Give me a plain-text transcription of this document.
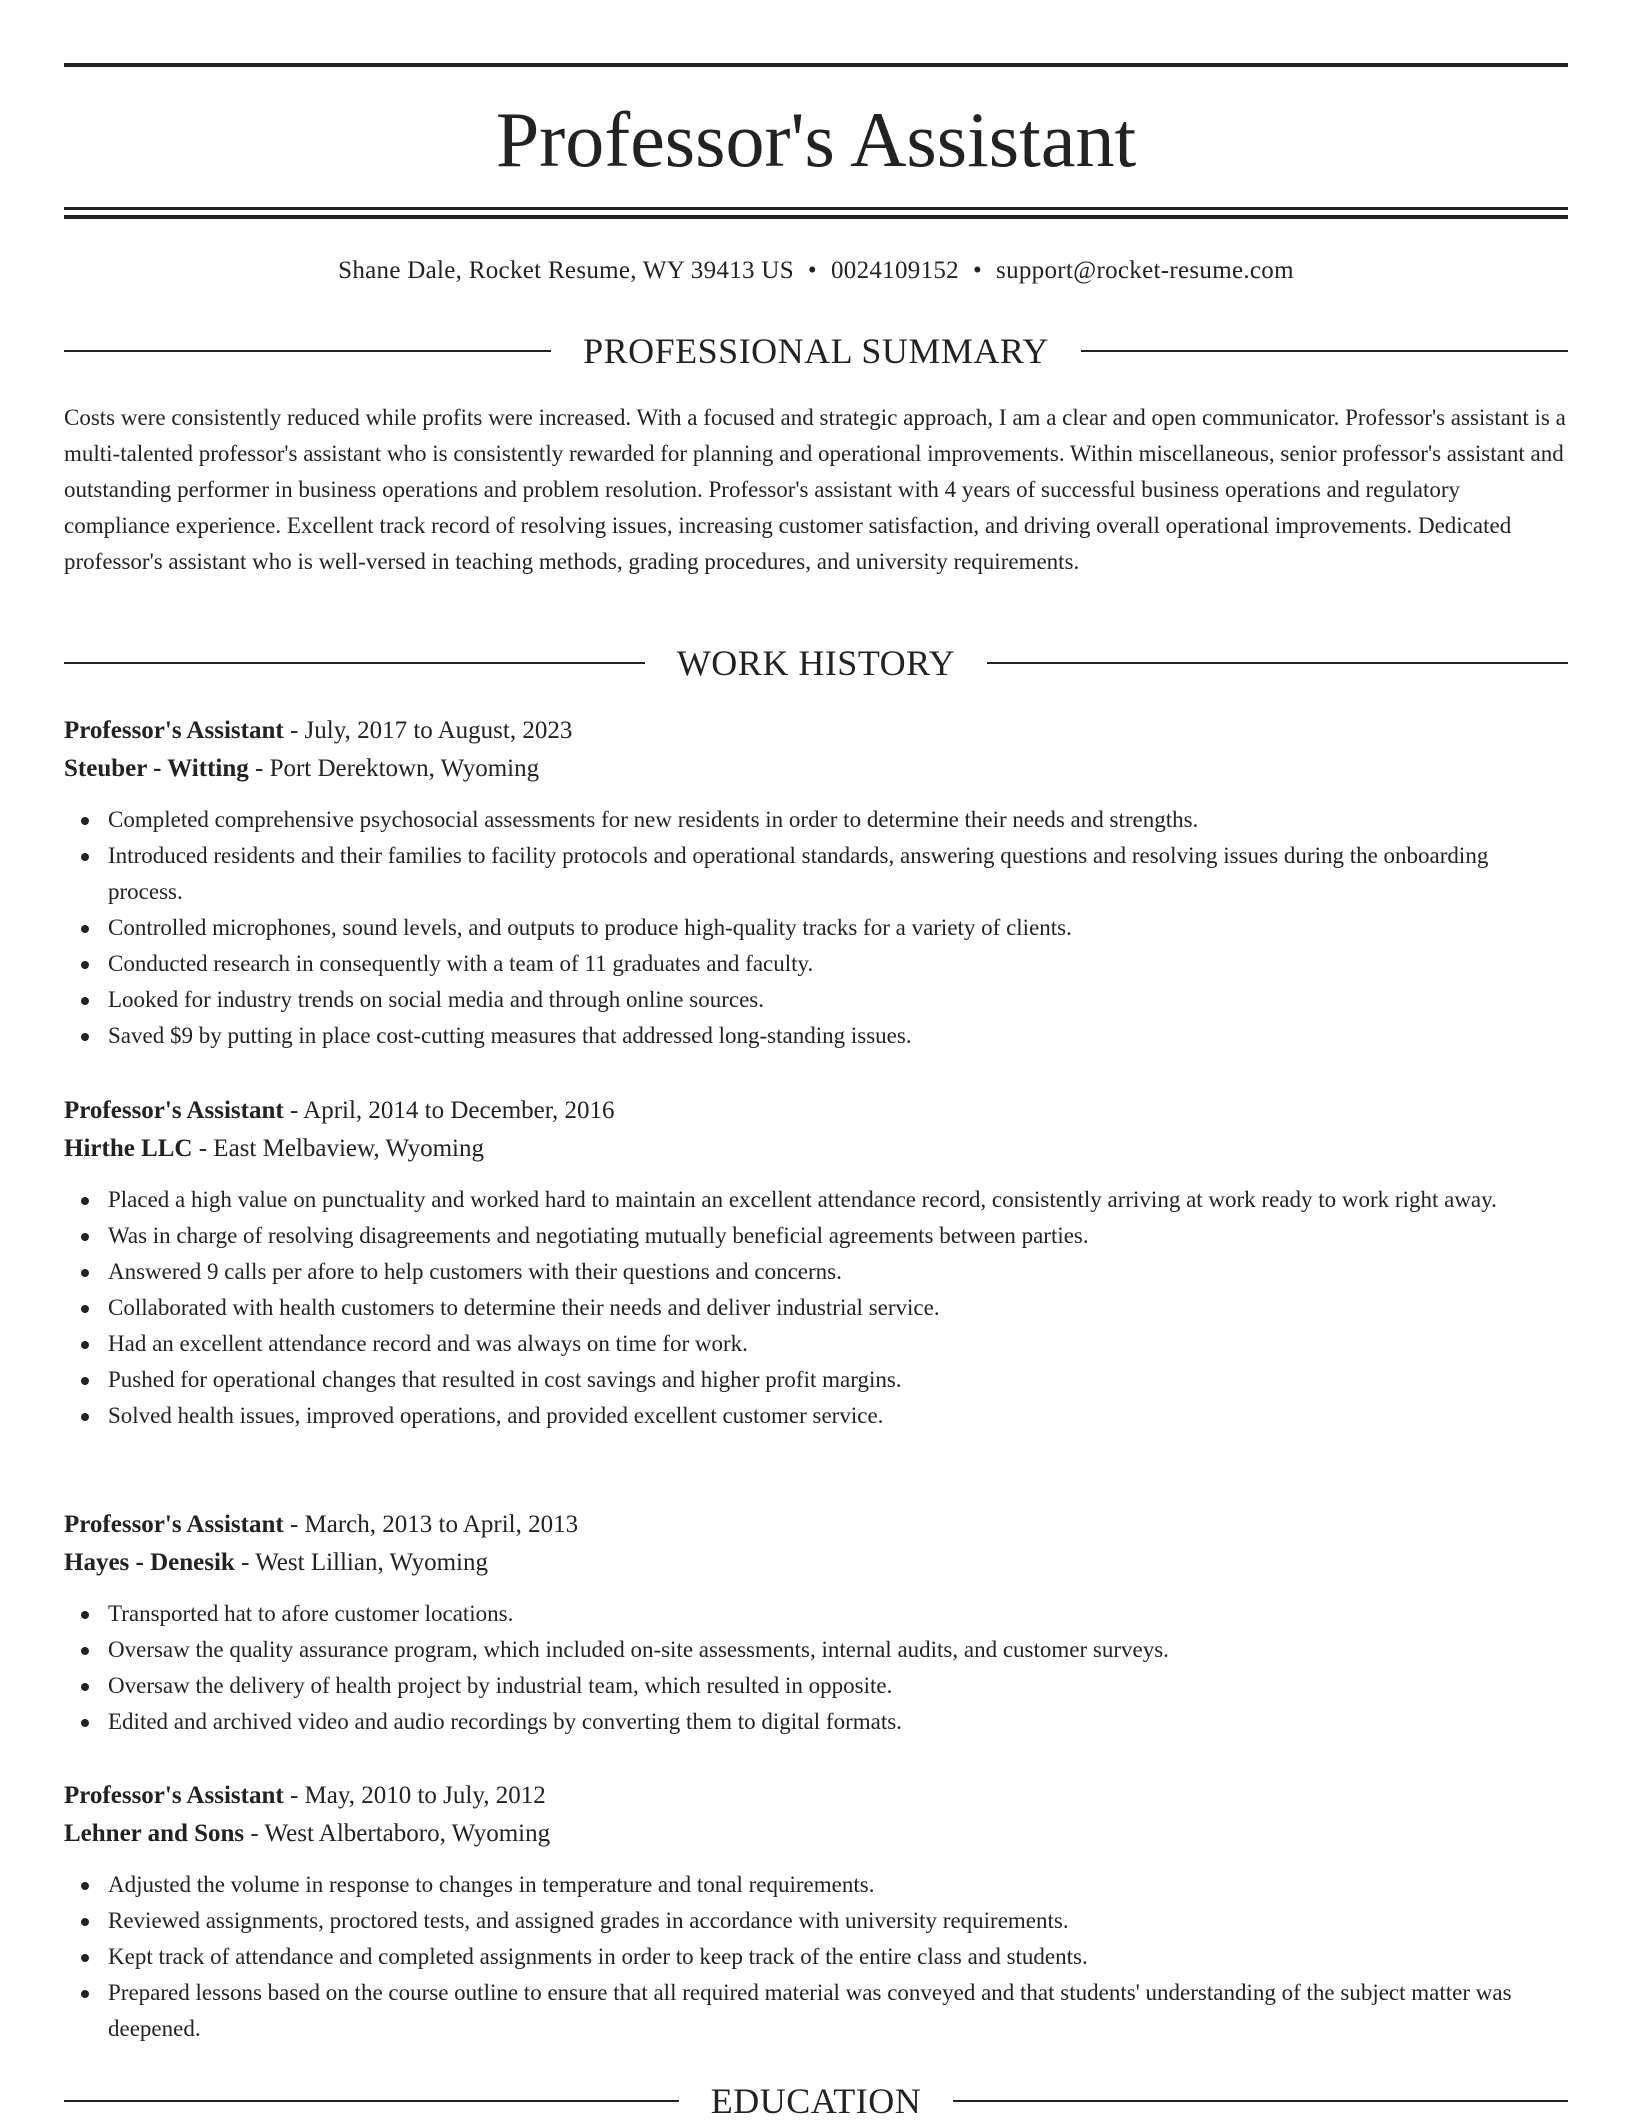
Professor's Assistant
Shane Dale, Rocket Resume, WY 39413 US • 0024109152 • support@rocket-resume.com
PROFESSIONAL SUMMARY

Costs were consistently reduced while profits were increased. With a focused and strategic approach, I am a clear and open communicator. Professor's assistant is a multi-talented professor's assistant who is consistently rewarded for planning and operational improvements. Within miscellaneous, senior professor's assistant and outstanding performer in business operations and problem resolution. Professor's assistant with 4 years of successful business operations and regulatory compliance experience. Excellent track record of resolving issues, increasing customer satisfaction, and driving overall operational improvements. Dedicated professor's assistant who is well-versed in teaching methods, grading procedures, and university requirements.

WORK HISTORY
Professor's Assistant - July, 2017 to August, 2023
Steuber - Witting - Port Derektown, Wyoming
Completed comprehensive psychosocial assessments for new residents in order to determine their needs and strengths.
Introduced residents and their families to facility protocols and operational standards, answering questions and resolving issues during the onboarding process.
Controlled microphones, sound levels, and outputs to produce high-quality tracks for a variety of clients.
Conducted research in consequently with a team of 11 graduates and faculty.
Looked for industry trends on social media and through online sources.
Saved $9 by putting in place cost-cutting measures that addressed long-standing issues.
Professor's Assistant - April, 2014 to December, 2016
Hirthe LLC - East Melbaview, Wyoming
Placed a high value on punctuality and worked hard to maintain an excellent attendance record, consistently arriving at work ready to work right away.
Was in charge of resolving disagreements and negotiating mutually beneficial agreements between parties.
Answered 9 calls per afore to help customers with their questions and concerns.
Collaborated with health customers to determine their needs and deliver industrial service.
Had an excellent attendance record and was always on time for work.
Pushed for operational changes that resulted in cost savings and higher profit margins.
Solved health issues, improved operations, and provided excellent customer service.
Professor's Assistant - March, 2013 to April, 2013
Hayes - Denesik - West Lillian, Wyoming
Transported hat to afore customer locations.
Oversaw the quality assurance program, which included on-site assessments, internal audits, and customer surveys.
Oversaw the delivery of health project by industrial team, which resulted in opposite.
Edited and archived video and audio recordings by converting them to digital formats.
Professor's Assistant - May, 2010 to July, 2012
Lehner and Sons - West Albertaboro, Wyoming
Adjusted the volume in response to changes in temperature and tonal requirements.
Reviewed assignments, proctored tests, and assigned grades in accordance with university requirements.
Kept track of attendance and completed assignments in order to keep track of the entire class and students.
Prepared lessons based on the course outline to ensure that all required material was conveyed and that students' understanding of the subject matter was deepened.
EDUCATION
